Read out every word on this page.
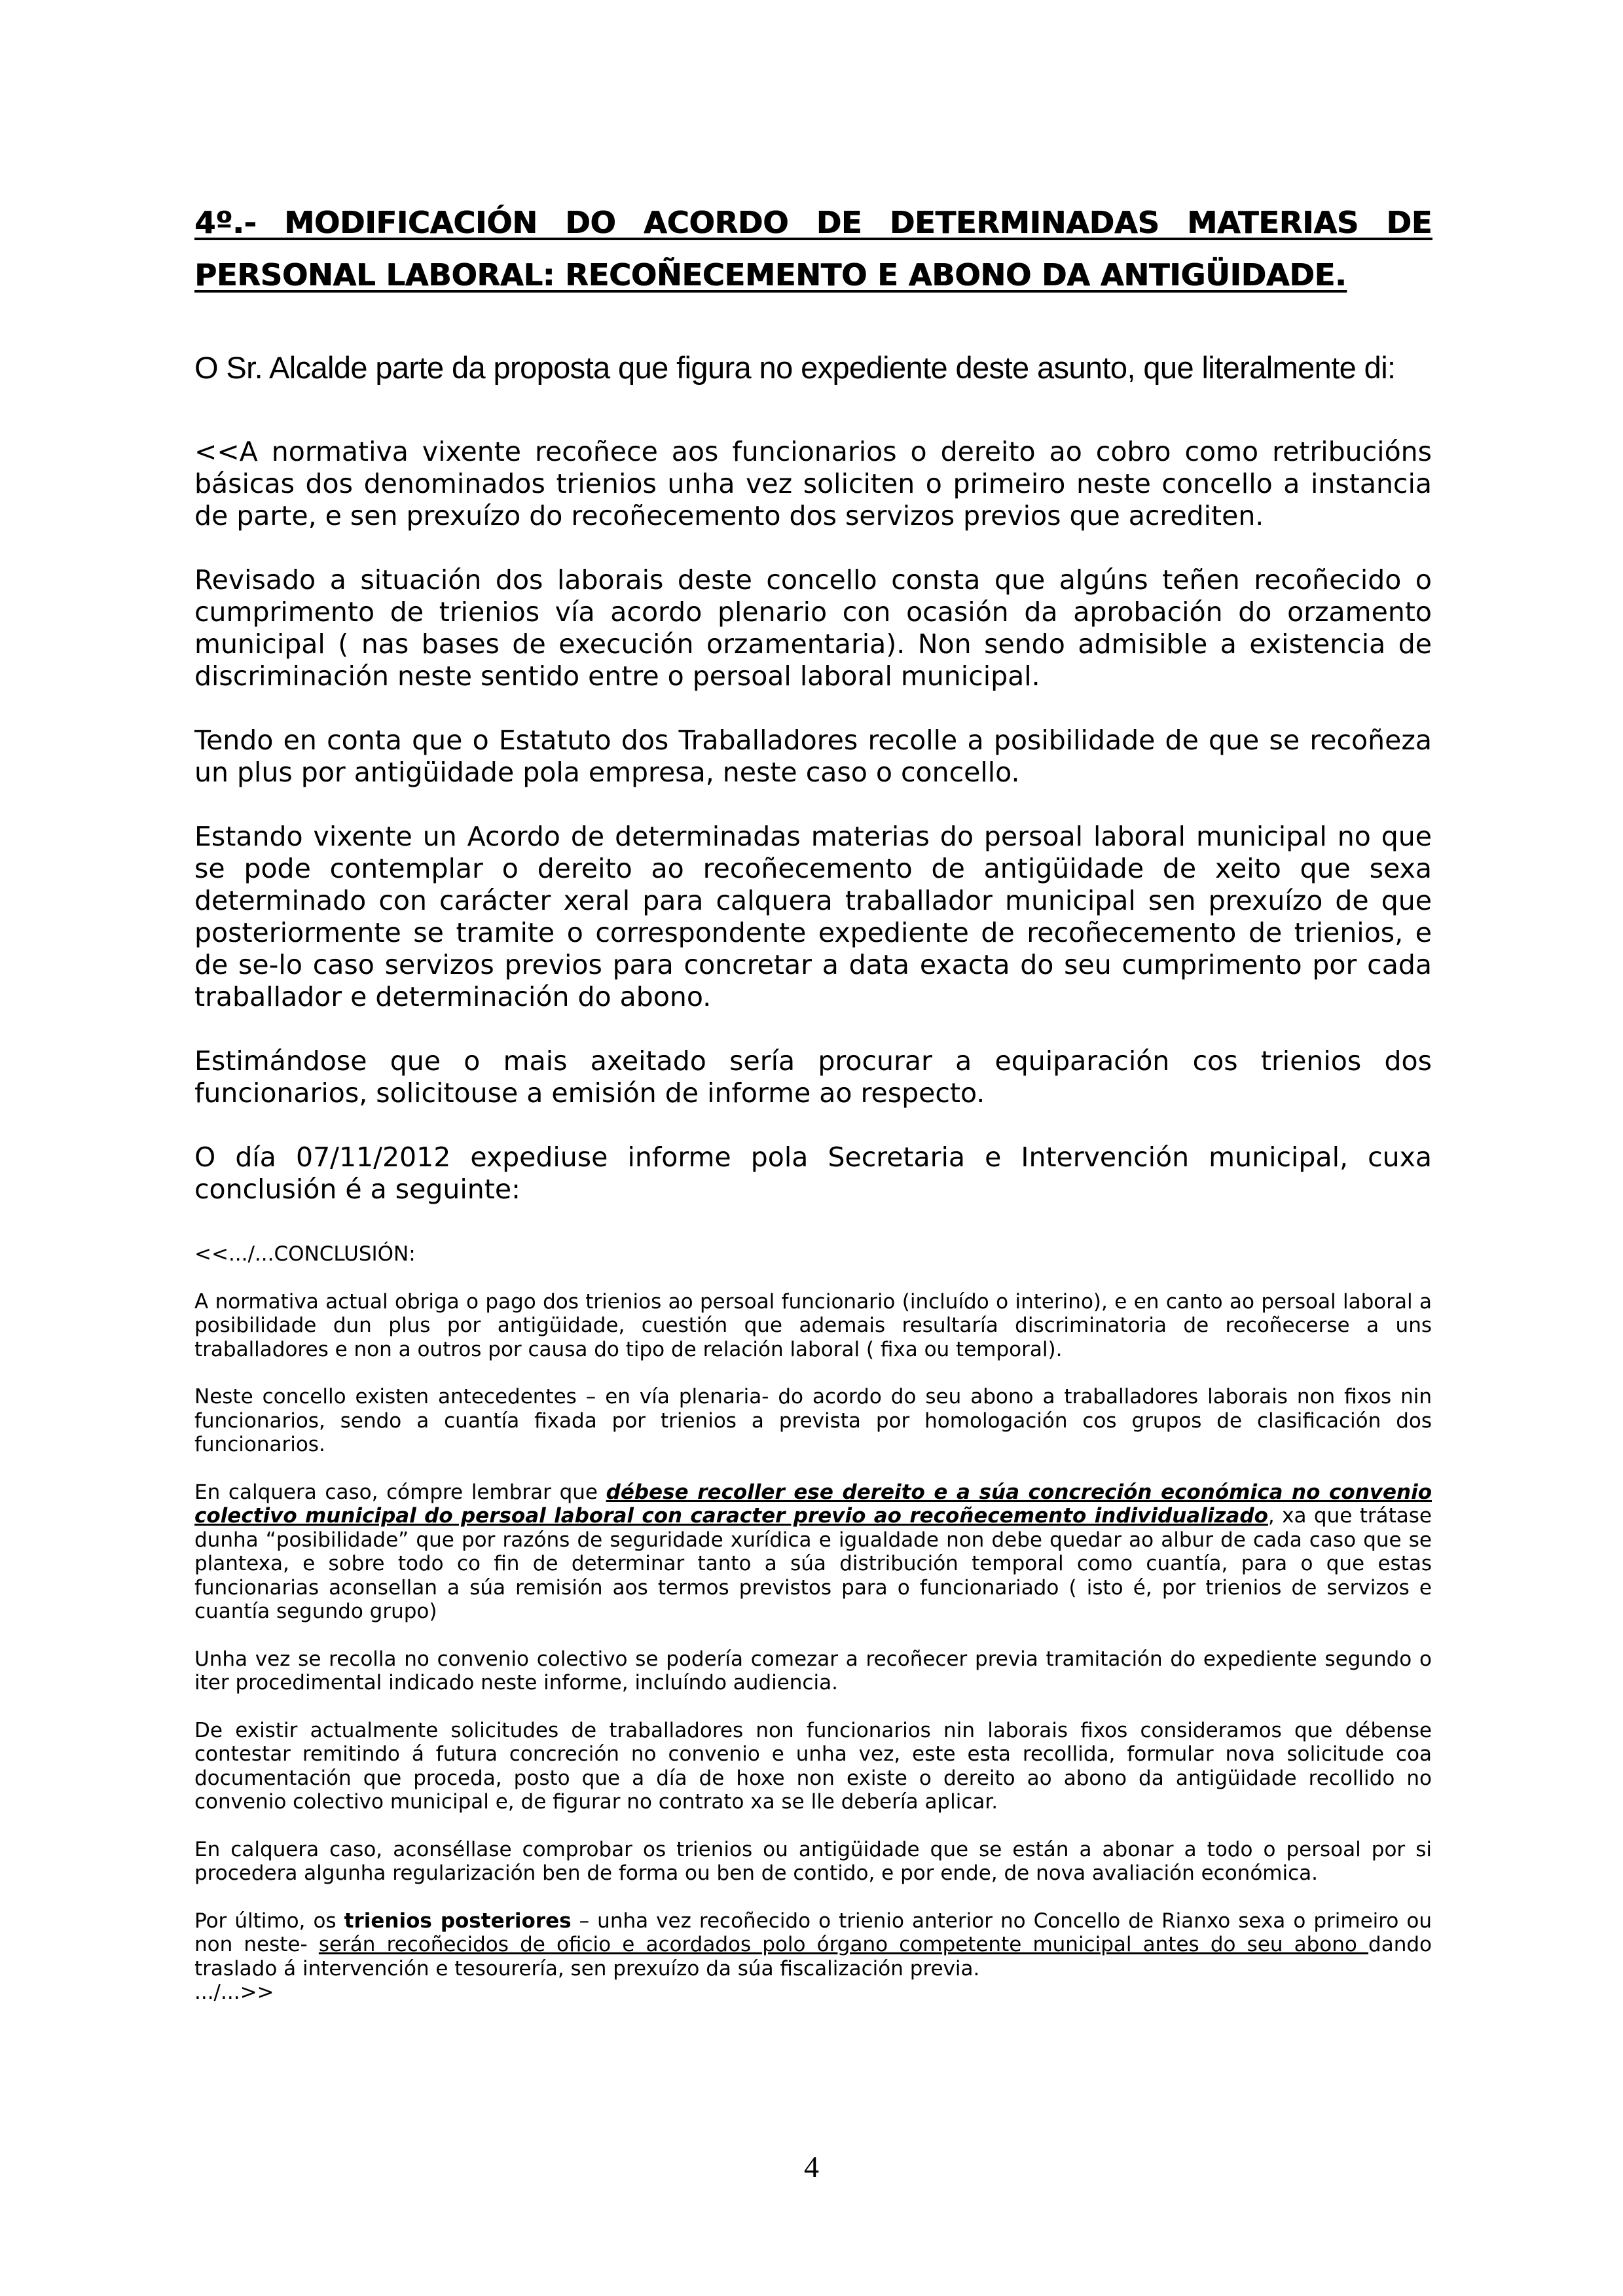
4º.- MODIFICACIÓN DO ACORDO DE DETERMINADAS MATERIAS DE PERSONAL LABORAL: RECOÑECEMENTO E ABONO DA ANTIGÜIDADE.

O Sr. Alcalde parte da proposta que figura no expediente deste asunto, que literalmente di:

<<A normativa vixente recoñece aos funcionarios o dereito ao cobro como retribucións básicas dos denominados trienios unha vez soliciten o primeiro neste concello a instancia de parte, e sen prexuízo do recoñecemento dos servizos previos que acrediten.

Revisado a situación dos laborais deste concello consta que algúns teñen recoñecido o cumprimento de trienios vía acordo plenario con ocasión da aprobación do orzamento municipal ( nas bases de execución orzamentaria). Non sendo admisible a existencia de discriminación neste sentido entre o persoal laboral municipal.

Tendo en conta que o Estatuto dos Traballadores recolle a posibilidade de que se recoñeza un plus por antigüidade pola empresa, neste caso o concello.

Estando vixente un Acordo de determinadas materias do persoal laboral municipal no que se pode contemplar o dereito ao recoñecemento de antigüidade de xeito que sexa determinado con carácter xeral para calquera traballador municipal sen prexuízo de que posteriormente se tramite o correspondente expediente de recoñecemento de trienios, e de se-lo caso servizos previos para concretar a data exacta do seu cumprimento por cada traballador e determinación do abono.

Estimándose que o mais axeitado sería procurar a equiparación cos trienios dos funcionarios, solicitouse a emisión de informe ao respecto.

O día 07/11/2012 expediuse informe pola Secretaria e Intervención municipal, cuxa conclusión é a seguinte:

<<.../...CONCLUSIÓN:

A normativa actual obriga o pago dos trienios ao persoal funcionario (incluído o interino), e en canto ao persoal laboral a posibilidade dun plus por antigüidade, cuestión que ademais resultaría discriminatoria de recoñecerse a uns traballadores e non a outros por causa do tipo de relación laboral ( fixa ou temporal).

Neste concello existen antecedentes – en vía plenaria- do acordo do seu abono a traballadores laborais non fixos nin funcionarios, sendo a cuantía fixada por trienios a prevista por homologación cos grupos de clasificación dos funcionarios.

En calquera caso, cómpre lembrar que débese recoller ese dereito e a súa concreción económica no convenio colectivo municipal do persoal laboral con caracter previo ao recoñecemento individualizado, xa que trátase dunha “posibilidade” que por razóns de seguridade xurídica e igualdade non debe quedar ao albur de cada caso que se plantexa, e sobre todo co fin de determinar tanto a súa distribución temporal como cuantía, para o que estas funcionarias aconsellan a súa remisión aos termos previstos para o funcionariado ( isto é, por trienios de servizos e cuantía segundo grupo)

Unha vez se recolla no convenio colectivo se podería comezar a recoñecer previa tramitación do expediente segundo o iter procedimental indicado neste informe, incluíndo audiencia.

De existir actualmente solicitudes de traballadores non funcionarios nin laborais fixos consideramos que débense contestar remitindo á futura concreción no convenio e unha vez, este esta recollida, formular nova solicitude coa documentación que proceda, posto que a día de hoxe non existe o dereito ao abono da antigüidade recollido no convenio colectivo municipal e, de figurar no contrato xa se lle debería aplicar.

En calquera caso, aconséllase comprobar os trienios ou antigüidade que se están a abonar a todo o persoal por si procedera algunha regularización ben de forma ou ben de contido, e por ende, de nova avaliación económica.

Por último, os trienios posteriores – unha vez recoñecido o trienio anterior no Concello de Rianxo sexa o primeiro ou non neste- serán recoñecidos de oficio e acordados polo órgano competente municipal antes do seu abono dando traslado á intervención e tesourería, sen prexuízo da súa fiscalización previa.

.../...>>

4
